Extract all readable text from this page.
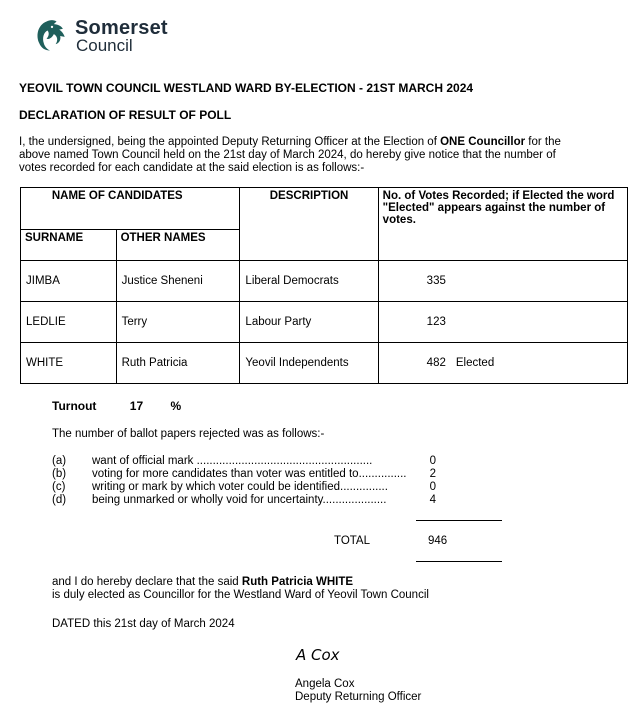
Somerset
Council
YEOVIL TOWN COUNCIL WESTLAND WARD BY-ELECTION - 21ST MARCH 2024
DECLARATION OF RESULT OF POLL
I, the undersigned, being the appointed Deputy Returning Officer at the Election of ONE Councillor for the
above named Town Council held on the 21st day of March 2024, do hereby give notice that the number of
votes recorded for each candidate at the said election is as follows:-
NAME OF CANDIDATES		DESCRIPTION	No. of Votes Recorded; if Elected the word "Elected" appears against the number of votes.
SURNAME	OTHER NAMES		
JIMBA	Justice Sheneni	Liberal Democrats	335
LEDLIE	Terry	Labour Party	123
WHITE	Ruth Patricia	Yeovil Independents	482 Elected
Turnout	17 %
The number of ballot papers rejected was as follows:-
(a) want of official mark .......................................................	0
(b) voting for more candidates than voter was entitled to............... 2
(c) writing or mark by which voter could be identified...............	0
(d) being unmarked or wholly void for uncertainty....................	4
TOTAL	946
and I do hereby declare that the said Ruth Patricia WHITE
is duly elected as Councillor for the Westland Ward of Yeovil Town Council
DATED this 21st day of March 2024
A Cox
Angela Cox
Deputy Returning Officer
